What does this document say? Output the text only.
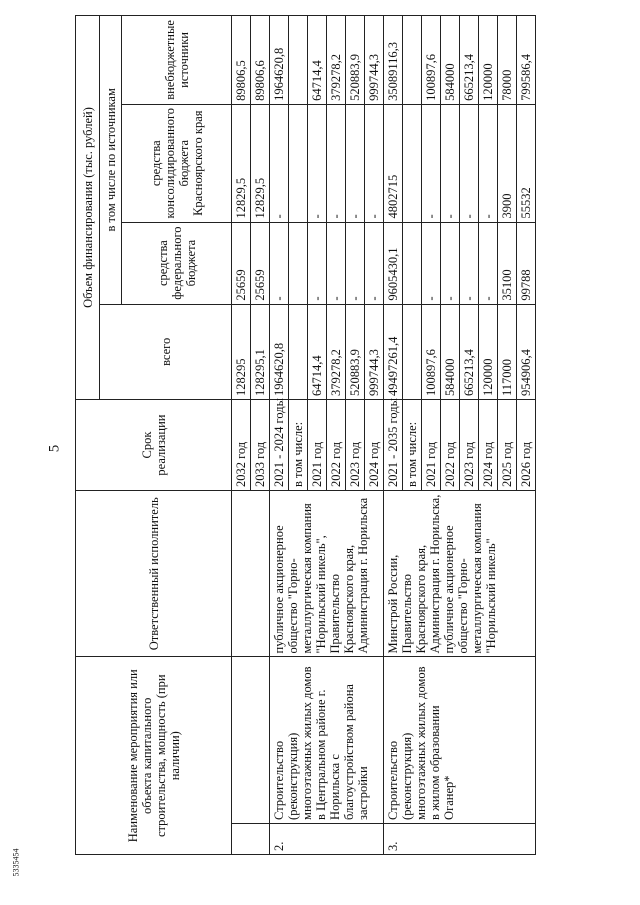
5
5335454
Наименование мероприятия или объекта капитального строительства, мощность (при наличии)		Ответственный исполнитель	Срок реализации	Объем финансирования (тыс. рублей)			
				всего	в том числе по источникам		
					средства федерального бюджета	средства консолидированного бюджета Красноярского края	внебюджетные источники
			2032 год	128295	25659	12829,5	89806,5
			2033 год	128295,1	25659	12829,5	89806,6
2.	Строительство (реконструкция) многоэтажных жилых домов в Центральном районе г. Норильска с благоустройством района застройки	публичное акционерное общество "Горно-металлургическая компания "Норильский никель", Правительство Красноярского края, Администрация г. Норильска	2021 - 2024 годы	1964620,8	-	-	1964620,8
			в том числе:				
			2021 год	64714,4	-	-	64714,4
			2022 год	379278,2	-	-	379278,2
			2023 год	520883,9	-	-	520883,9
			2024 год	999744,3	-	-	999744,3
3.	Строительство (реконструкция) многоэтажных жилых домов в жилом образовании Оганер*	Минстрой России, Правительство Красноярского края, Администрация г. Норильска, публичное акционерное общество "Горно-металлургическая компания "Норильский никель"	2021 - 2035 годы	49497261,4	9605430,1	4802715	35089116,3
			в том числе:				
			2021 год	100897,6	-	-	100897,6
			2022 год	584000	-	-	584000
			2023 год	665213,4	-	-	665213,4
			2024 год	120000	-	-	120000
			2025 год	117000	35100	3900	78000
			2026 год	954906,4	99788	55532	799586,4
